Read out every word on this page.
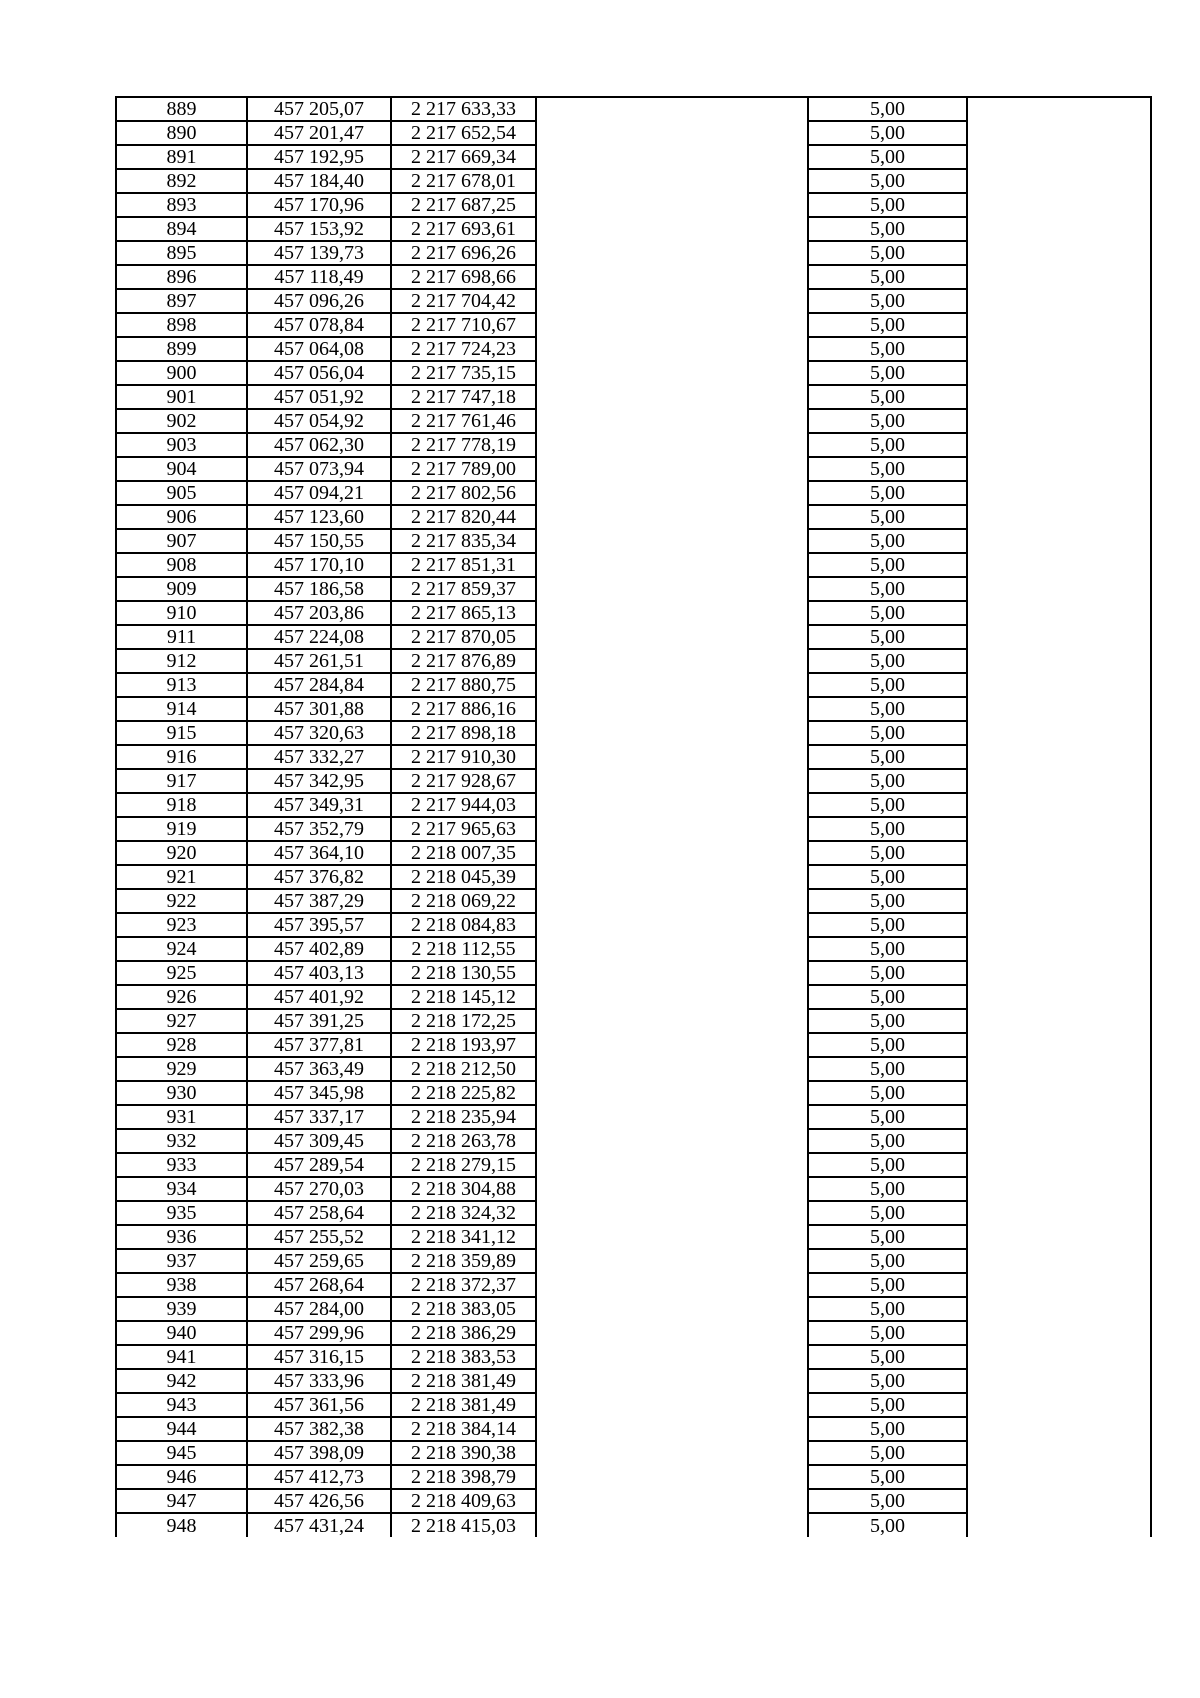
889	457 205,07	2 217 633,33		5,00	
890	457 201,47	2 217 652,54		5,00	
891	457 192,95	2 217 669,34		5,00	
892	457 184,40	2 217 678,01		5,00	
893	457 170,96	2 217 687,25		5,00	
894	457 153,92	2 217 693,61		5,00	
895	457 139,73	2 217 696,26		5,00	
896	457 118,49	2 217 698,66		5,00	
897	457 096,26	2 217 704,42		5,00	
898	457 078,84	2 217 710,67		5,00	
899	457 064,08	2 217 724,23		5,00	
900	457 056,04	2 217 735,15		5,00	
901	457 051,92	2 217 747,18		5,00	
902	457 054,92	2 217 761,46		5,00	
903	457 062,30	2 217 778,19		5,00	
904	457 073,94	2 217 789,00		5,00	
905	457 094,21	2 217 802,56		5,00	
906	457 123,60	2 217 820,44		5,00	
907	457 150,55	2 217 835,34		5,00	
908	457 170,10	2 217 851,31		5,00	
909	457 186,58	2 217 859,37		5,00	
910	457 203,86	2 217 865,13		5,00	
911	457 224,08	2 217 870,05		5,00	
912	457 261,51	2 217 876,89		5,00	
913	457 284,84	2 217 880,75		5,00	
914	457 301,88	2 217 886,16		5,00	
915	457 320,63	2 217 898,18		5,00	
916	457 332,27	2 217 910,30		5,00	
917	457 342,95	2 217 928,67		5,00	
918	457 349,31	2 217 944,03		5,00	
919	457 352,79	2 217 965,63		5,00	
920	457 364,10	2 218 007,35		5,00	
921	457 376,82	2 218 045,39		5,00	
922	457 387,29	2 218 069,22		5,00	
923	457 395,57	2 218 084,83		5,00	
924	457 402,89	2 218 112,55		5,00	
925	457 403,13	2 218 130,55		5,00	
926	457 401,92	2 218 145,12		5,00	
927	457 391,25	2 218 172,25		5,00	
928	457 377,81	2 218 193,97		5,00	
929	457 363,49	2 218 212,50		5,00	
930	457 345,98	2 218 225,82		5,00	
931	457 337,17	2 218 235,94		5,00	
932	457 309,45	2 218 263,78		5,00	
933	457 289,54	2 218 279,15		5,00	
934	457 270,03	2 218 304,88		5,00	
935	457 258,64	2 218 324,32		5,00	
936	457 255,52	2 218 341,12		5,00	
937	457 259,65	2 218 359,89		5,00	
938	457 268,64	2 218 372,37		5,00	
939	457 284,00	2 218 383,05		5,00	
940	457 299,96	2 218 386,29		5,00	
941	457 316,15	2 218 383,53		5,00	
942	457 333,96	2 218 381,49		5,00	
943	457 361,56	2 218 381,49		5,00	
944	457 382,38	2 218 384,14		5,00	
945	457 398,09	2 218 390,38		5,00	
946	457 412,73	2 218 398,79		5,00	
947	457 426,56	2 218 409,63		5,00	
948	457 431,24	2 218 415,03		5,00	
